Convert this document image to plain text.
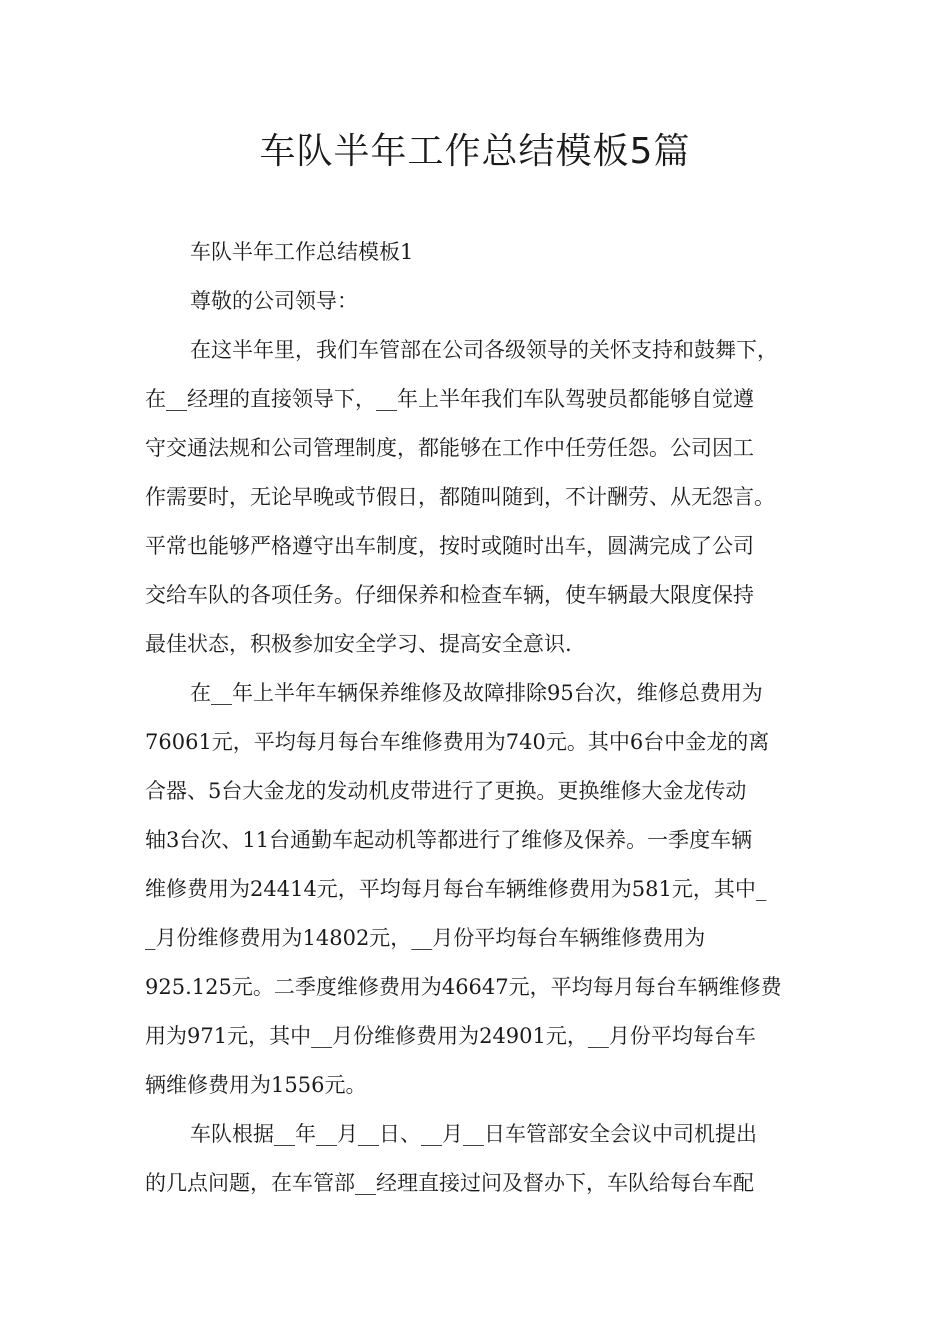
车队半年工作总结模板5篇
车队半年工作总结模板1
尊敬的公司领导：
在这半年里，我们车管部在公司各级领导的关怀支持和鼓舞下，
在__经理的直接领导下，__年上半年我们车队驾驶员都能够自觉遵
守交通法规和公司管理制度，都能够在工作中任劳任怨。公司因工
作需要时，无论早晚或节假日，都随叫随到，不计酬劳、从无怨言。
平常也能够严格遵守出车制度，按时或随时出车，圆满完成了公司
交给车队的各项任务。仔细保养和检查车辆，使车辆最大限度保持
最佳状态，积极参加安全学习、提高安全意识.
在__年上半年车辆保养维修及故障排除95台次，维修总费用为
76061元，平均每月每台车维修费用为740元。其中6台中金龙的离
合器、5台大金龙的发动机皮带进行了更换。更换维修大金龙传动
轴3台次、11台通勤车起动机等都进行了维修及保养。一季度车辆
维修费用为24414元，平均每月每台车辆维修费用为581元，其中_
_月份维修费用为14802元，__月份平均每台车辆维修费用为
925.125元。二季度维修费用为46647元，平均每月每台车辆维修费
用为971元，其中__月份维修费用为24901元，__月份平均每台车
辆维修费用为1556元。
车队根据__年__月__日、__月__日车管部安全会议中司机提出
的几点问题，在车管部__经理直接过问及督办下，车队给每台车配
